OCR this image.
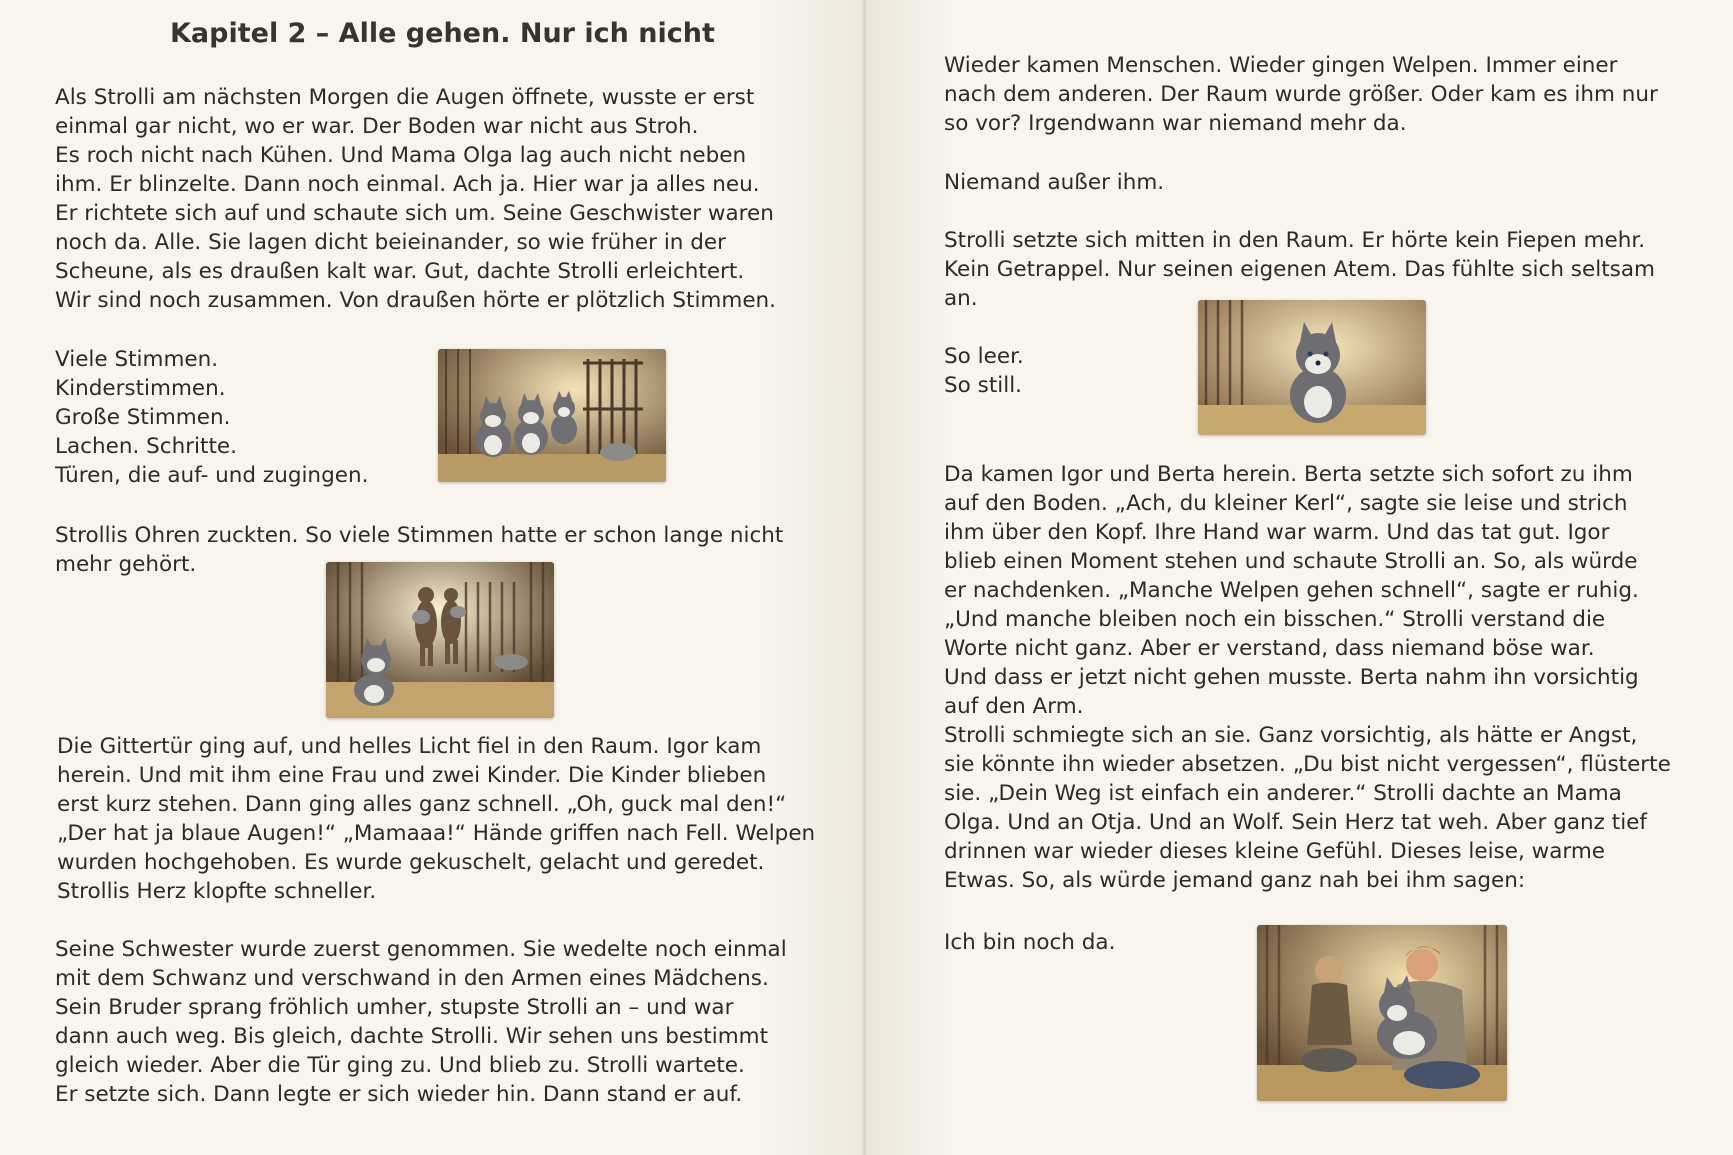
Kapitel 2 – Alle gehen. Nur ich nicht
Als Strolli am nächsten Morgen die Augen öffnete, wusste er erst
einmal gar nicht, wo er war. Der Boden war nicht aus Stroh.
Es roch nicht nach Kühen. Und Mama Olga lag auch nicht neben
ihm. Er blinzelte. Dann noch einmal. Ach ja. Hier war ja alles neu.
Er richtete sich auf und schaute sich um. Seine Geschwister waren
noch da. Alle. Sie lagen dicht beieinander, so wie früher in der
Scheune, als es draußen kalt war. Gut, dachte Strolli erleichtert.
Wir sind noch zusammen. Von draußen hörte er plötzlich Stimmen.
Viele Stimmen.
Kinderstimmen.
Große Stimmen.
Lachen. Schritte.
Türen, die auf- und zugingen.
Strollis Ohren zuckten. So viele Stimmen hatte er schon lange nicht
mehr gehört.
Die Gittertür ging auf, und helles Licht fiel in den Raum. Igor kam
herein. Und mit ihm eine Frau und zwei Kinder. Die Kinder blieben
erst kurz stehen. Dann ging alles ganz schnell. „Oh, guck mal den!“
„Der hat ja blaue Augen!“ „Mamaaa!“ Hände griffen nach Fell. Welpen
wurden hochgehoben. Es wurde gekuschelt, gelacht und geredet.
Strollis Herz klopfte schneller.
Seine Schwester wurde zuerst genommen. Sie wedelte noch einmal
mit dem Schwanz und verschwand in den Armen eines Mädchens.
Sein Bruder sprang fröhlich umher, stupste Strolli an – und war
dann auch weg. Bis gleich, dachte Strolli. Wir sehen uns bestimmt
gleich wieder. Aber die Tür ging zu. Und blieb zu. Strolli wartete.
Er setzte sich. Dann legte er sich wieder hin. Dann stand er auf.
Wieder kamen Menschen. Wieder gingen Welpen. Immer einer
nach dem anderen. Der Raum wurde größer. Oder kam es ihm nur
so vor? Irgendwann war niemand mehr da.
Niemand außer ihm.
Strolli setzte sich mitten in den Raum. Er hörte kein Fiepen mehr.
Kein Getrappel. Nur seinen eigenen Atem. Das fühlte sich seltsam
an.
So leer.
So still.
Da kamen Igor und Berta herein. Berta setzte sich sofort zu ihm
auf den Boden. „Ach, du kleiner Kerl“, sagte sie leise und strich
ihm über den Kopf. Ihre Hand war warm. Und das tat gut. Igor
blieb einen Moment stehen und schaute Strolli an. So, als würde
er nachdenken. „Manche Welpen gehen schnell“, sagte er ruhig.
„Und manche bleiben noch ein bisschen.“ Strolli verstand die
Worte nicht ganz. Aber er verstand, dass niemand böse war.
Und dass er jetzt nicht gehen musste. Berta nahm ihn vorsichtig
auf den Arm.
Strolli schmiegte sich an sie. Ganz vorsichtig, als hätte er Angst,
sie könnte ihn wieder absetzen. „Du bist nicht vergessen“, flüsterte
sie. „Dein Weg ist einfach ein anderer.“ Strolli dachte an Mama
Olga. Und an Otja. Und an Wolf. Sein Herz tat weh. Aber ganz tief
drinnen war wieder dieses kleine Gefühl. Dieses leise, warme
Etwas. So, als würde jemand ganz nah bei ihm sagen:
Ich bin noch da.
